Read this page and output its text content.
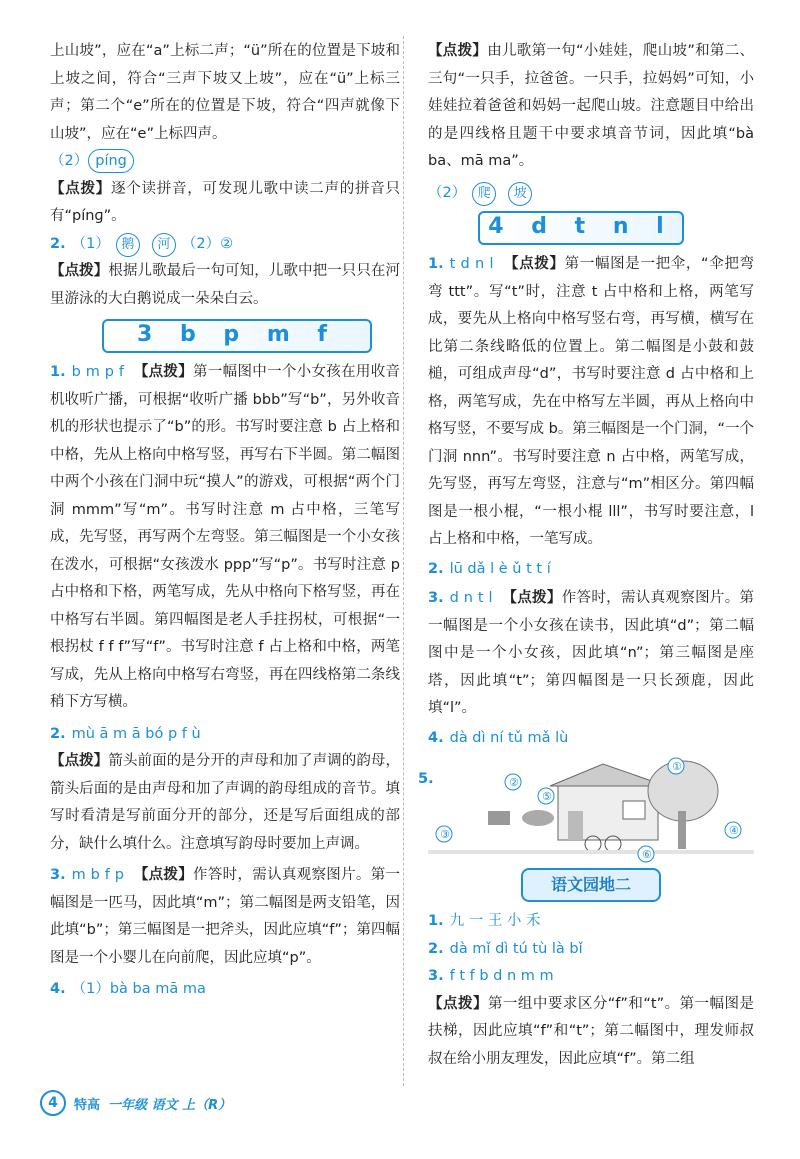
上山坡”，应在“a”上标二声；“ü”所在的位置是下坡和上坡之间，符合“三声下坡又上坡”，应在“ü”上标三声；第二个“e”所在的位置是下坡，符合“四声就像下山坡”，应在“e”上标四声。

（2） píng

【点拨】逐个读拼音，可发现儿歌中读二声的拼音只有“pínɡ”。

2. （1） 鹅 河 （2）②

【点拨】根据儿歌最后一句可知，儿歌中把一只只在河里游泳的大白鹅说成一朵朵白云。

3 b p m f

1. b m p f 【点拨】第一幅图中一个小女孩在用收音机收听广播，可根据“收听广播 bbb”写“b”，另外收音机的形状也提示了“b”的形。书写时要注意 b 占上格和中格，先从上格向中格写竖，再写右下半圆。第二幅图中两个小孩在门洞中玩“摸人”的游戏，可根据“两个门洞 mmm”写“m”。书写时注意 m 占中格，三笔写成，先写竖，再写两个左弯竖。第三幅图是一个小女孩在泼水，可根据“女孩泼水 ppp”写“p”。书写时注意 p 占中格和下格，两笔写成，先从中格向下格写竖，再在中格写右半圆。第四幅图是老人手拄拐杖，可根据“一根拐杖 f f f”写“f”。书写时注意 f 占上格和中格，两笔写成，先从上格向中格写右弯竖，再在四线格第二条线稍下方写横。

2. mù ā m ā bó p f ù

【点拨】箭头前面的是分开的声母和加了声调的韵母，箭头后面的是由声母和加了声调的韵母组成的音节。填写时看清是写前面分开的部分，还是写后面组成的部分，缺什么填什么。注意填写韵母时要加上声调。

3. m b f p 【点拨】作答时，需认真观察图片。第一幅图是一匹马，因此填“m”；第二幅图是两支铅笔，因此填“b”；第三幅图是一把斧头，因此应填“f”；第四幅图是一个小婴儿在向前爬，因此应填“p”。

4. （1）bà ba mā ma

【点拨】由儿歌第一句“小娃娃，爬山坡”和第二、三句“一只手，拉爸爸。一只手，拉妈妈”可知，小娃娃拉着爸爸和妈妈一起爬山坡。注意题目中给出的是四线格且题干中要求填音节词，因此填“bà ba、mā ma”。

（2） 爬 坡

4 d t n l

1. t d n l 【点拨】第一幅图是一把伞，“伞把弯弯 ttt”。写“t”时，注意 t 占中格和上格，两笔写成，要先从上格向中格写竖右弯，再写横，横写在比第二条线略低的位置上。第二幅图是小鼓和鼓槌，可组成声母“d”，书写时要注意 d 占中格和上格，两笔写成，先在中格写左半圆，再从上格向中格写竖，不要写成 b。第三幅图是一个门洞，“一个门洞 nnn”。书写时要注意 n 占中格，两笔写成，先写竖，再写左弯竖，注意与“m”相区分。第四幅图是一根小棍，“一根小棍 lll”，书写时要注意，l 占上格和中格，一笔写成。

2. lū dǎ l è ǔ t t í

3. d n t l 【点拨】作答时，需认真观察图片。第一幅图是一个小女孩在读书，因此填“d”；第二幅图中是一个小女孩，因此填“n”；第三幅图是座塔，因此填“t”；第四幅图是一只长颈鹿，因此填“l”。

4. dà dì ní tǔ mǎ lù

5.
①
②
③	④
⑤
⑥
语文园地二

1. 九 一 王 小 禾

2. dà mǐ dì tú tù là bǐ

3. f t f b d n m m

【点拨】第一组中要求区分“f”和“t”。第一幅图是扶梯，因此应填“f”和“t”；第二幅图中，理发师叔叔在给小朋友理发，因此应填“f”。第二组

4	特高 一年级 语文 上（R）
